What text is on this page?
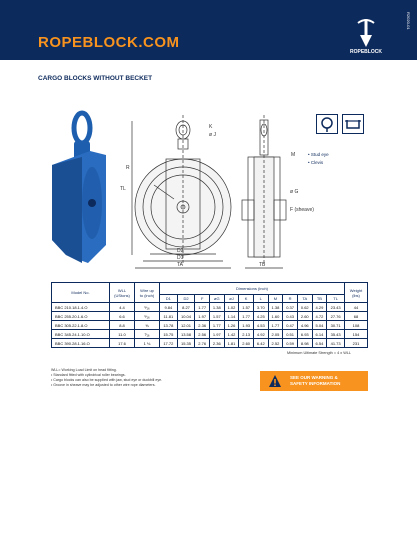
ROPEBLOCK.COM
ROPEBLOCK
R2020-01
CARGO BLOCKS WITHOUT BECKET
K
ø J
R
TL
D2
D1
TA	TB
M
ø G
F (sheave)
• Stud eye
• Clevis
Model No.	WLL
(UStons)	Wire up
to (inch)	Dimensions (inch)												Weight
(lbs)
			D1	D2	F	øG	øJ	K	L	M	R	TA	TB	TL	
BBC 210.18.1.4.O	4.4	⁵⁄₁₆	9.84	8.27	1.77	1.38	1.02	1.57	3.70	1.38	0.37	0.62	4.29	23.43	44
BBC 255.20.1.6.O	6.6	⁵⁄₁₆	11.81	10.04	1.97	1.57	1.14	1.77	4.25	1.60	0.43	2.60	4.72	27.76	68
BBC 305.22.1.8.O	8.8	⅜	13.78	12.01	2.36	1.77	1.26	1.93	4.53	1.77	0.47	4.96	5.04	30.71	108
BBC 345.24.1.10.O	11.0	⁷⁄₁₆	15.75	13.58	2.56	1.97	1.42	2.13	4.92	2.05	0.51	6.93	6.14	35.43	154
BBC 390.28.1.16.O	17.6	1 ⅛	17.72	15.35	2.76	2.36	1.81	2.60	6.42	2.52	0.59	8.98	6.54	41.73	231
Minimum Ultimate Strength = 4 x WLL
WLL= Working Load Limit on head fitting.
• Standard fitted with cylindrical roller bearings.
• Cargo blocks can also be supplied with jaw, stud eye or duckbill eye.
• Groove in sheave may be adjusted to other wire rope diameters.
SEE OUR WARNING &
SAFETY INFORMATION
